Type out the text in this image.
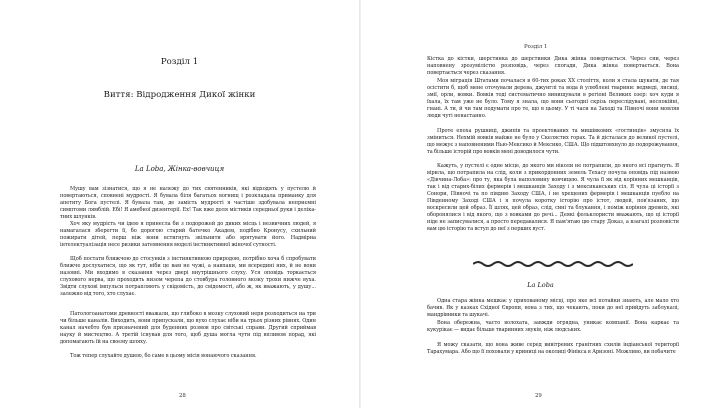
Розділ 1
Виття: Відродження Дикої жінки
La Loba, Жінка-вовчиця

Мушу вам зізнатися, що я не належу до тих святенників, які відходять у пустелю й повертаються, сповнені мудрості. Я бувала біля багатьох вогнищ і розкладала приманку для апетиту Бога пустелі. Я бувала там, де замість мудрості я частіше здобувала неприємні симптоми лямблій. Ебі! Я амебної дизентерії. Ex! Так вже доля містиків середньої руки і делікатних шлунків.

Хоч яку мудрість чи ідею я принесла би з подорожей до диких місць і незвичних людей, я намагалася зберегти її, бо дорогою старий батечко Академ, подібно Кронусу, схильний пожирати дітей, перш ніж вони встигнуть звільнити або врятувати його. Надмірна інтелектуалізація несе ризики затемнення моделі інстинктивної жіночої сутності.

Щоб постати ближчою до стосунків з інстинктивною природою, потрібно хоча б спробувати ближче дослухатися, що як тут, ніби це вам не чужі, а навпаки, ми всередині них, й не вони назовні. Ми входимо в сказання через двері внутрішнього слуху. Уся оповідь торкається слухового нерва, що проходить низом черепа до стовбура головного мозку трохи нижче вуха. Звідти слухові імпульси потрапляють у свідомість, до свідомості, або ж, як вважають, у душу... залежно від того, хто слухає.

Патологоанатоми древності вважали, що глибоко в мозку слуховий нерв розходиться на три чи більше каналів. Виходить, вони припускали, що вухо слухає ніби на трьох різних рівнях. Один канал начебто був призначений для буденних розмов про світські справи. Другий сприймав науку й мистецтво. А третій існував для того, щоб душа могла чути під впливом порад, які допомагають їй на своєму шляху.

Тож тепер слухайте душею, бо саме в цьому місія вонаючого сказання.

28
Розділ 1

Кістка до кістки, шерстинка до шерстинки Дика жінка повертається. Через сни, через наповнену зрозумілістю розповідь, через спогади, Дика жінка повертається. Вона повертається через сказання.

Моя міграція Штатами почалася в 60-тих роках XX століття, коли я стала шукати, де тая осістити б, щоб мене оточували дерева, джунглі та вода й улюблені тварини: ведмеді, лисиці, змії, орли, вовки. Вовків тоді систематично винищували в регіоні Великих озер: хоч куди я їхала, їх там уже не було. Тому я знала, що вони сьогодні скрізь переслідувані, неспокійні, гнані. А ти, й чи там подумати про те, що в цьому. У ті часи на Заході та Півночі вони мовляв люди чуті ненастанно.

Проте епоха рушниці, джипів та проектованих та мишівкових «гостинців» змусила їх зміниться. Нехмій вовків майже не було у Скелястих горах. Та й дісталася до великої пустелі, що межує з наповненими Нью-Мексико й Мексико, США. Що підштовхнуло до подорожування, та більше історій про вовків мені доводилося чути.

Кажуть, у пустелі є одне місце, до якого ми ніколи не потрапили, до якого всі прагнуть. Я вірила, що потрапила на слід, коли з прикордонних земель Техасу почула оповідь під назвою «Дівчина-Лоба»: про ту, яка була наполовину вовчицею. Я чула її як від корінних мешканців, так і від старих-білих фермерів і мешканців Заходу і з мексиканських сіл. Я чула ці історії з Сонори, Півночі та по півдню Заходу США, і не хрещених фермерів і мешканців пуебло на Південному Заході США і я почула коротку історію про істот, людей, пов'язаних, що воскресили цей образ. Її шлях, цей образ, слід, сині та блукання, і поміж коріння древніх, які оборонялися і від якого, що з вовками до речі... Деякі фольклористи вважають, що ці історії ніде не записувалися, а просто передавалися. Я пам'ятаю цю стару Доказ, а взагалі розповісти вам цю історію та вступ до неї з перших вуст.

La Loba

Одна стара жінка мешкає у прихованому місці, про яке всі потайки знають, але мало хто бачив. Як у казках Східної Європи, вона з тих, що чекають, поки до неї прийдуть заблукалі, мандрівники та шукачі.

Вона обережна, часто волохата, завжди огрядна, уникає компанії. Вона каркає та кукурікає — видає більше тваринних звуків, ніж людських.

Я можу сказати, що вона живе серед вивітрених гранітних схилів індіанської території Тарахумара. Або що її поховали у криниці на околиці Фінікса в Аризоні. Можливо, ви побачите

29
